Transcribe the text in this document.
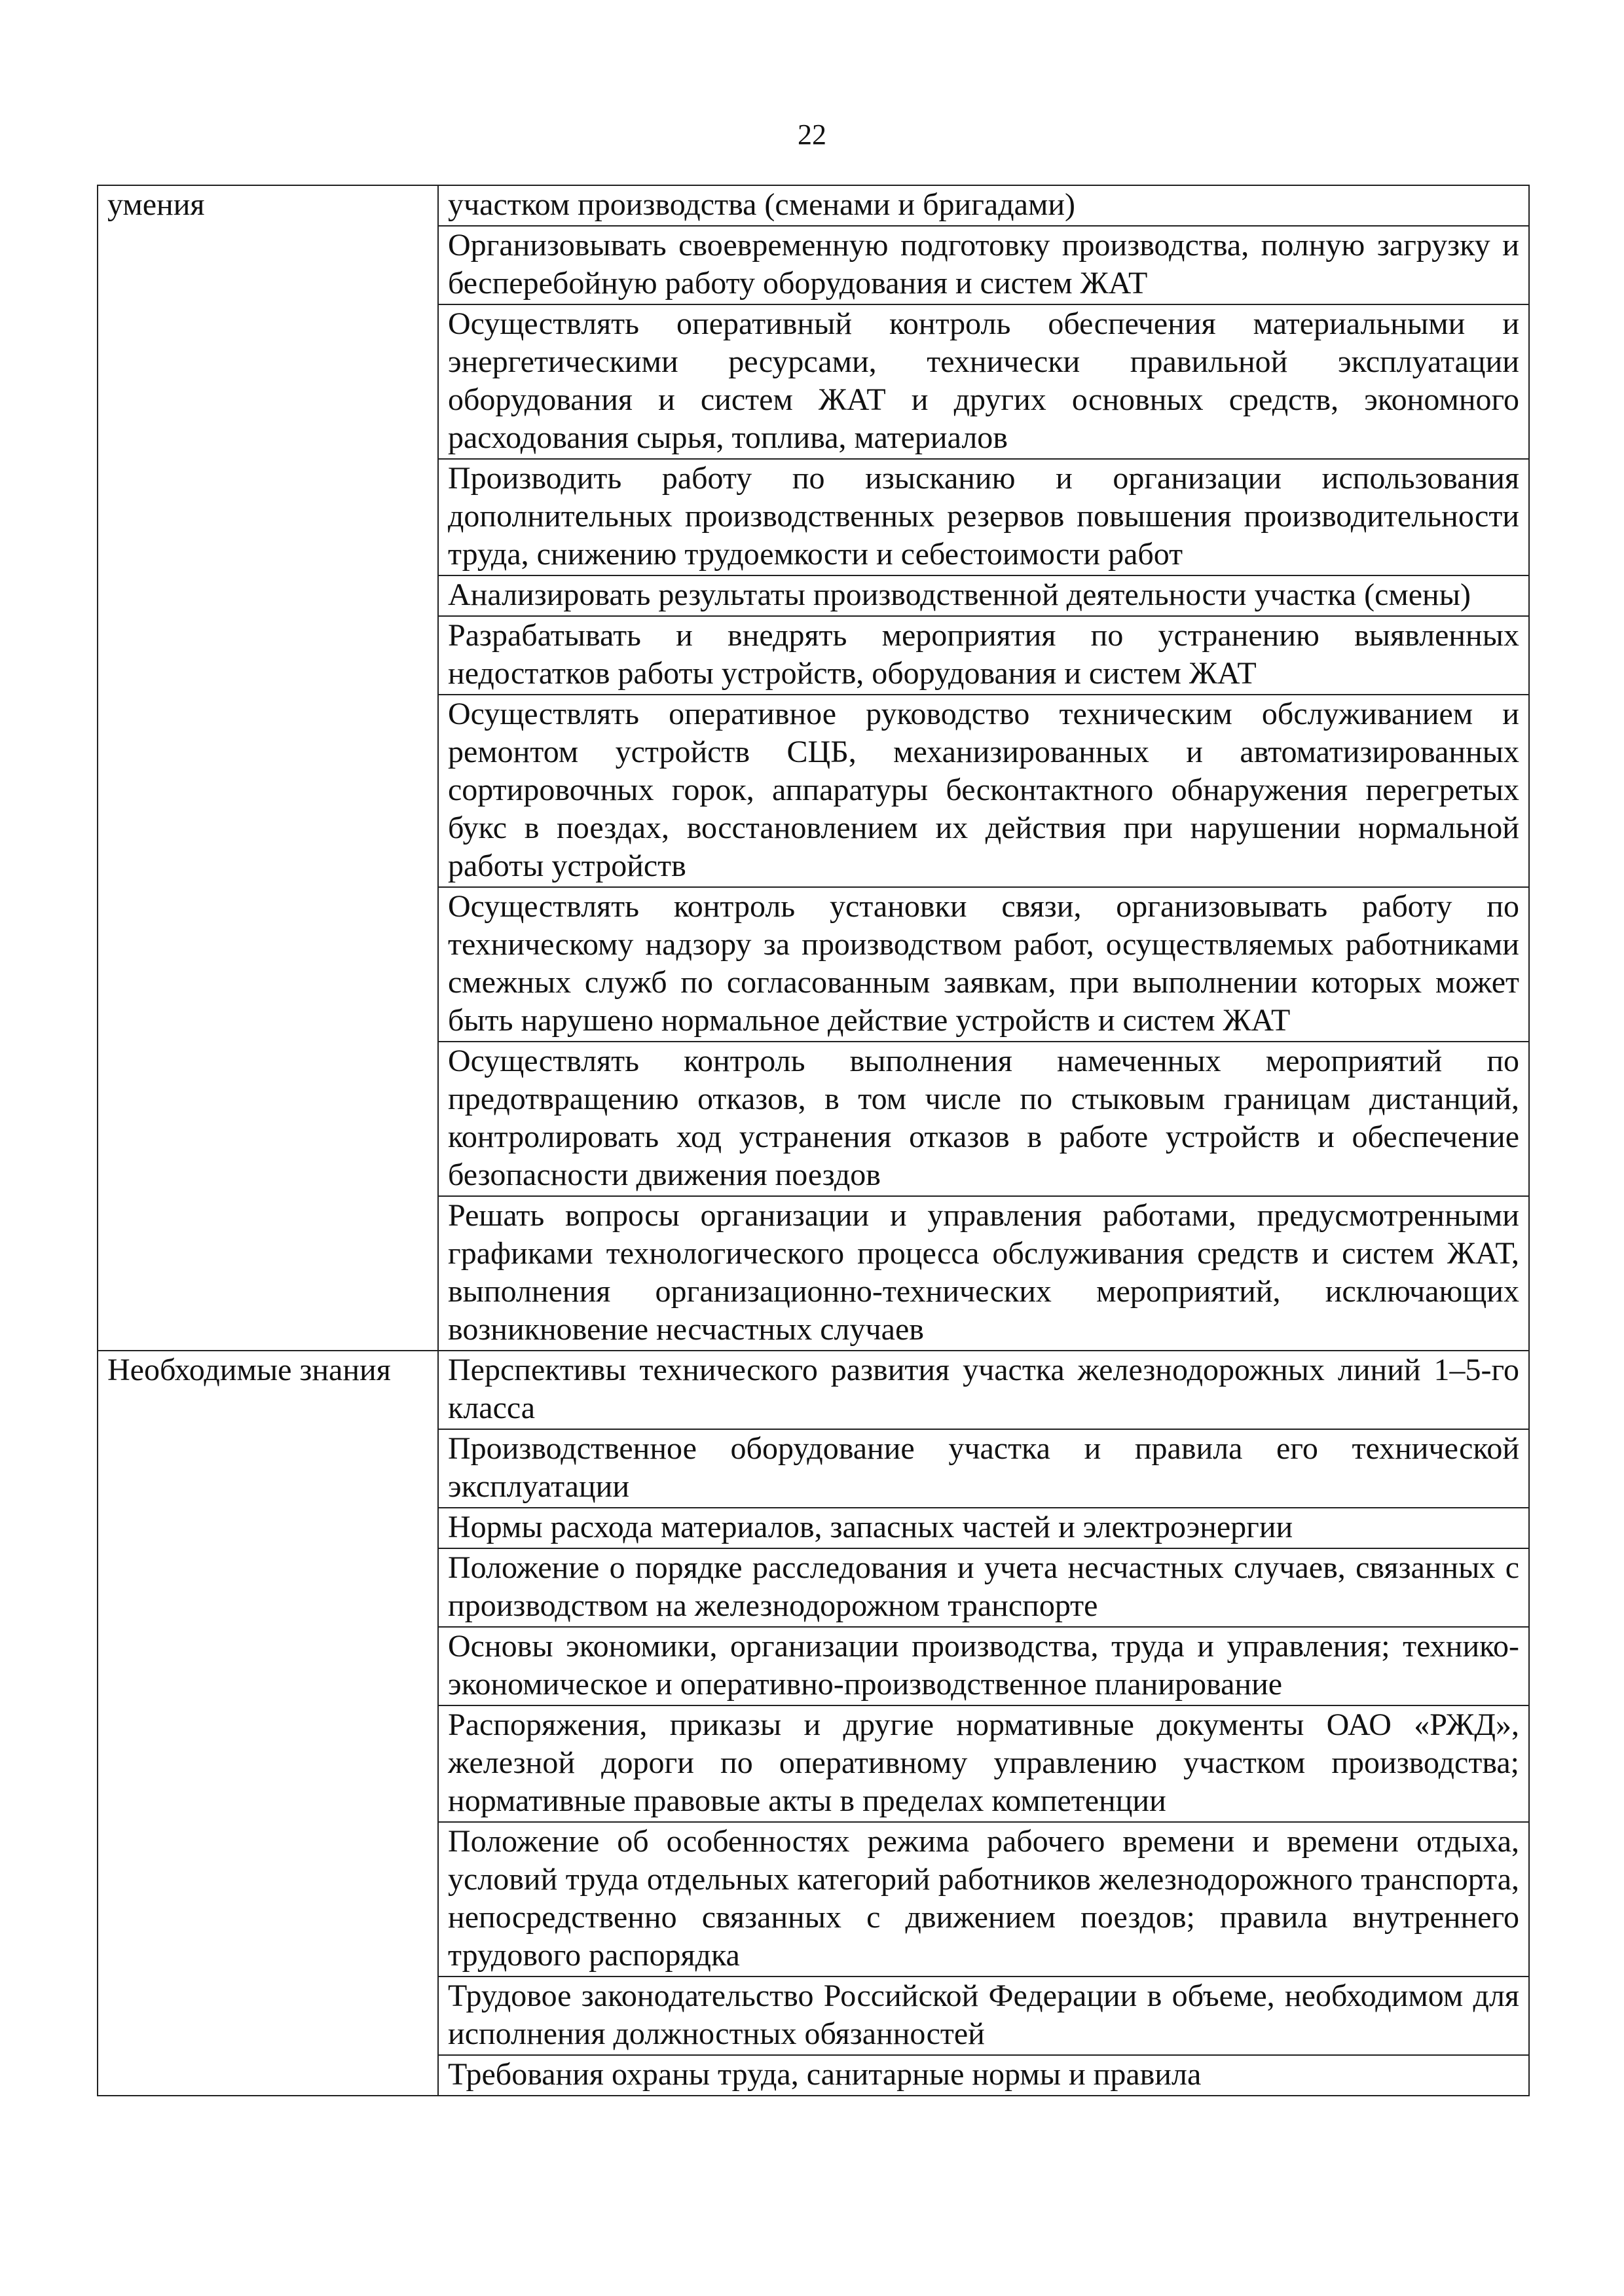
22
умения	участком производства (сменами и бригадами)
	Организовывать своевременную подготовку производства, полную загрузку и бесперебойную работу оборудования и систем ЖАТ
	Осуществлять оперативный контроль обеспечения материальными и энергетическими ресурсами, технически правильной эксплуатации оборудования и систем ЖАТ и других основных средств, экономного расходования сырья, топлива, материалов
	Производить работу по изысканию и организации использования дополнительных производственных резервов повышения производительности труда, снижению трудоемкости и себестоимости работ
	Анализировать результаты производственной деятельности участка (смены)
	Разрабатывать и внедрять мероприятия по устранению выявленных недостатков работы устройств, оборудования и систем ЖАТ
	Осуществлять оперативное руководство техническим обслуживанием и ремонтом устройств СЦБ, механизированных и автоматизированных сортировочных горок, аппаратуры бесконтактного обнаружения перегретых букс в поездах, восстановлением их действия при нарушении нормальной работы устройств
	Осуществлять контроль установки связи, организовывать работу по техническому надзору за производством работ, осуществляемых работниками смежных служб по согласованным заявкам, при выполнении которых может быть нарушено нормальное действие устройств и систем ЖАТ
	Осуществлять контроль выполнения намеченных мероприятий по предотвращению отказов, в том числе по стыковым границам дистанций, контролировать ход устранения отказов в работе устройств и обеспечение безопасности движения поездов
	Решать вопросы организации и управления работами, предусмотренными графиками технологического процесса обслуживания средств и систем ЖАТ, выполнения организационно-технических мероприятий, исключающих возникновение несчастных случаев
Необходимые знания	Перспективы технического развития участка железнодорожных линий 1–5-го класса
	Производственное оборудование участка и правила его технической эксплуатации
	Нормы расхода материалов, запасных частей и электроэнергии
	Положение о порядке расследования и учета несчастных случаев, связанных с производством на железнодорожном транспорте
	Основы экономики, организации производства, труда и управления; технико-экономическое и оперативно-производственное планирование
	Распоряжения, приказы и другие нормативные документы ОАО «РЖД», железной дороги по оперативному управлению участком производства; нормативные правовые акты в пределах компетенции
	Положение об особенностях режима рабочего времени и времени отдыха, условий труда отдельных категорий работников железнодорожного транспорта, непосредственно связанных с движением поездов; правила внутреннего трудового распорядка
	Трудовое законодательство Российской Федерации в объеме, необходимом для исполнения должностных обязанностей
	Требования охраны труда, санитарные нормы и правила
